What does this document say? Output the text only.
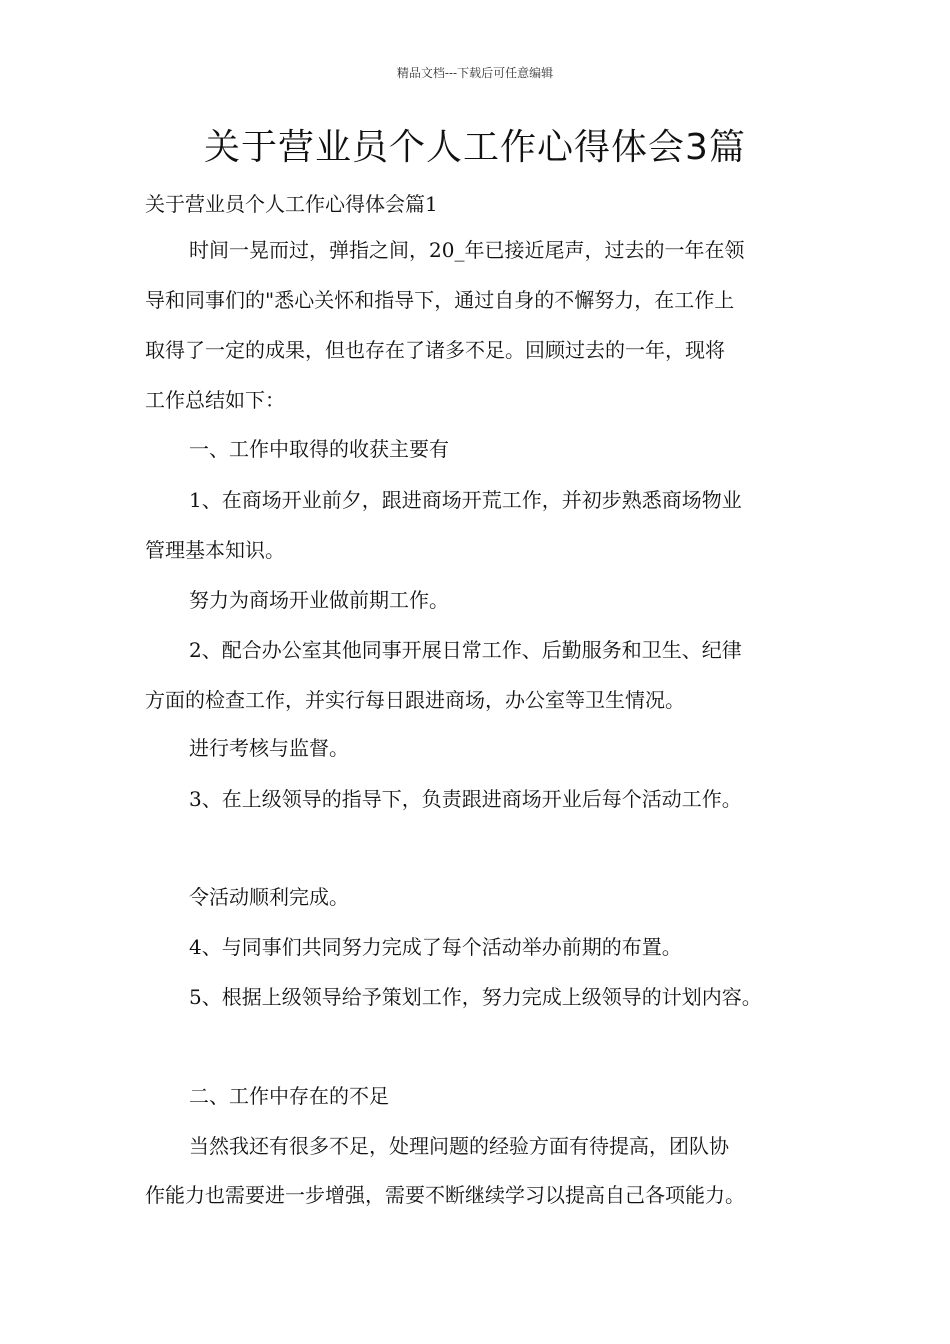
精品文档---下载后可任意编辑
关于营业员个人工作心得体会3篇
关于营业员个人工作心得体会篇1

时间一晃而过，弹指之间，20_年已接近尾声，过去的一年在领

导和同事们的"悉心关怀和指导下，通过自身的不懈努力，在工作上

取得了一定的成果，但也存在了诸多不足。回顾过去的一年，现将

工作总结如下：

一、工作中取得的收获主要有

1、在商场开业前夕，跟进商场开荒工作，并初步熟悉商场物业

管理基本知识。

努力为商场开业做前期工作。

2、配合办公室其他同事开展日常工作、后勤服务和卫生、纪律

方面的检查工作，并实行每日跟进商场，办公室等卫生情况。

进行考核与监督。

3、在上级领导的指导下，负责跟进商场开业后每个活动工作。

令活动顺利完成。

4、与同事们共同努力完成了每个活动举办前期的布置。

5、根据上级领导给予策划工作，努力完成上级领导的计划内容。

二、工作中存在的不足

当然我还有很多不足，处理问题的经验方面有待提高，团队协

作能力也需要进一步增强，需要不断继续学习以提高自己各项能力。
